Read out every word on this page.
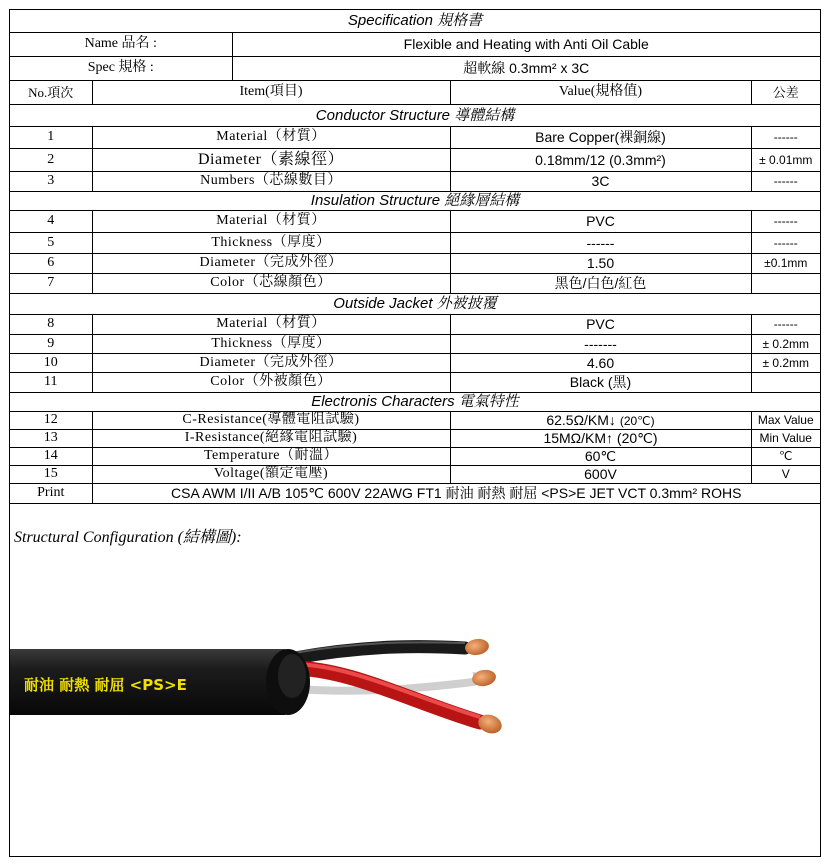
Specification 規格書				
Name 品名 :		Flexible and Heating with Anti Oil Cable		
Spec 規格 :		超軟線 0.3mm² x 3C		
No.項次	Item(項目)		Value(規格值)	公差
Conductor Structure 導體結構				
1	Material（材質）		Bare Copper(裸銅線)	------
2	Diameter（素線徑）		0.18mm/12 (0.3mm²)	± 0.01mm
3	Numbers（芯線數目）		3C	------
Insulation Structure 絕緣層結構				
4	Material（材質）		PVC	------
5	Thickness（厚度）		------	------
6	Diameter（完成外徑）		1.50	±0.1mm
7	Color（芯線顏色）		黑色/白色/紅色	
Outside Jacket 外被披覆				
8	Material（材質）		PVC	------
9	Thickness（厚度）		-------	± 0.2mm
10	Diameter（完成外徑）		4.60	± 0.2mm
11	Color（外被顏色）		Black (黑)	
Electronis Characters 電氣特性				
12	C-Resistance(導體電阻試驗)		62.5Ω/KM↓ (20℃)	Max Value
13	I-Resistance(絕緣電阻試驗)		15MΩ/KM↑ (20℃)	Min Value
14	Temperature（耐溫）		60℃	℃
15	Voltage(額定電壓)		600V	V
Print	CSA AWM I/II A/B 105℃ 600V 22AWG FT1 耐油 耐熱 耐屈 <PS>E JET VCT 0.3mm² ROHS			
Structural Configuration (結構圖):
耐油 耐熱 耐屈 <PS>E
